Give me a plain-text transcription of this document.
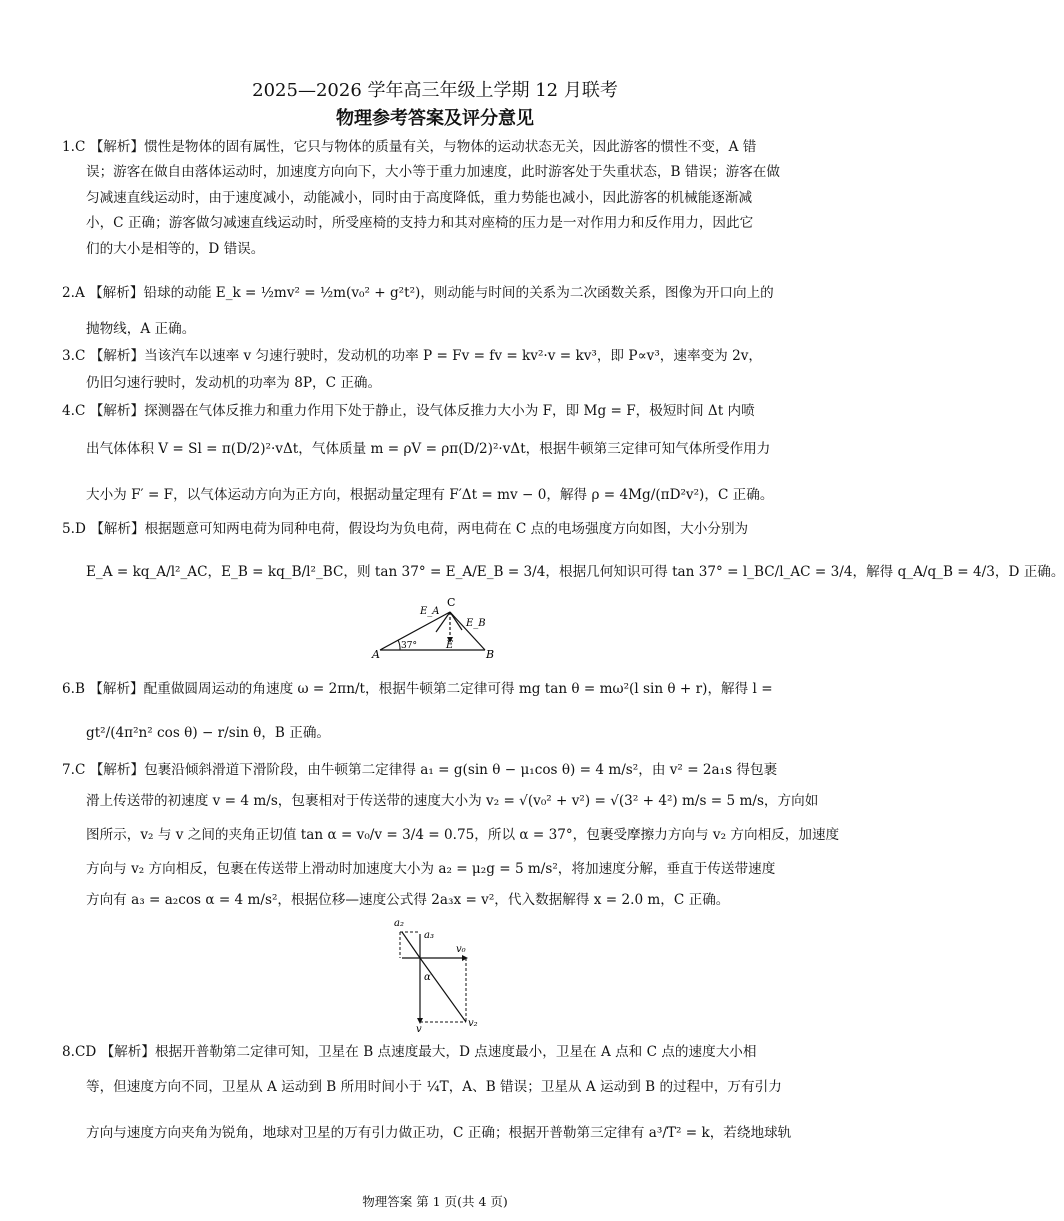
2025—2026 学年高三年级上学期 12 月联考
物理参考答案及评分意见
1.C 【解析】惯性是物体的固有属性，它只与物体的质量有关，与物体的运动状态无关，因此游客的惯性不变，A 错
误；游客在做自由落体运动时，加速度方向向下，大小等于重力加速度，此时游客处于失重状态，B 错误；游客在做
匀减速直线运动时，由于速度减小，动能减小，同时由于高度降低，重力势能也减小，因此游客的机械能逐渐减
小，C 正确；游客做匀减速直线运动时，所受座椅的支持力和其对座椅的压力是一对作用力和反作用力，因此它
们的大小是相等的，D 错误。
2.A 【解析】铅球的动能 E_k = ½mv² = ½m(v₀² + g²t²)，则动能与时间的关系为二次函数关系，图像为开口向上的
抛物线，A 正确。
3.C 【解析】当该汽车以速率 v 匀速行驶时，发动机的功率 P = Fv = fv = kv²·v = kv³，即 P∝v³，速率变为 2v，
仍旧匀速行驶时，发动机的功率为 8P，C 正确。
4.C 【解析】探测器在气体反推力和重力作用下处于静止，设气体反推力大小为 F，即 Mg = F，极短时间 Δt 内喷
出气体体积 V = Sl = π(D/2)²·vΔt，气体质量 m = ρV = ρπ(D/2)²·vΔt，根据牛顿第三定律可知气体所受作用力
大小为 F′ = F，以气体运动方向为正方向，根据动量定理有 F′Δt = mv − 0，解得 ρ = 4Mg/(πD²v²)，C 正确。
5.D 【解析】根据题意可知两电荷为同种电荷，假设均为负电荷，两电荷在 C 点的电场强度方向如图，大小分别为
E_A = kq_A/l²_AC，E_B = kq_B/l²_BC，则 tan 37° = E_A/E_B = 3/4，根据几何知识可得 tan 37° = l_BC/l_AC = 3/4，解得 q_A/q_B = 4/3，D 正确。
C
E_A
E_B
E
37°
A	B
6.B 【解析】配重做圆周运动的角速度 ω = 2πn/t，根据牛顿第二定律可得 mg tan θ = mω²(l sin θ + r)，解得 l =
gt²/(4π²n² cos θ) − r/sin θ，B 正确。
7.C 【解析】包裹沿倾斜滑道下滑阶段，由牛顿第二定律得 a₁ = g(sin θ − μ₁cos θ) = 4 m/s²，由 v² = 2a₁s 得包裹
滑上传送带的初速度 v = 4 m/s，包裹相对于传送带的速度大小为 v₂ = √(v₀² + v²) = √(3² + 4²) m/s = 5 m/s，方向如
图所示，v₂ 与 v 之间的夹角正切值 tan α = v₀/v = 3/4 = 0.75，所以 α = 37°，包裹受摩擦力方向与 v₂ 方向相反，加速度
方向与 v₂ 方向相反，包裹在传送带上滑动时加速度大小为 a₂ = μ₂g = 5 m/s²，将加速度分解，垂直于传送带速度
方向有 a₃ = a₂cos α = 4 m/s²，根据位移—速度公式得 2a₃x = v²，代入数据解得 x = 2.0 m，C 正确。
a₂
a₃
v₀
α
v
v₂
8.CD 【解析】根据开普勒第二定律可知，卫星在 B 点速度最大，D 点速度最小，卫星在 A 点和 C 点的速度大小相
等，但速度方向不同，卫星从 A 运动到 B 所用时间小于 ¼T，A、B 错误；卫星从 A 运动到 B 的过程中，万有引力
方向与速度方向夹角为锐角，地球对卫星的万有引力做正功，C 正确；根据开普勒第三定律有 a³/T² = k，若绕地球轨
物理答案 第 1 页(共 4 页)
